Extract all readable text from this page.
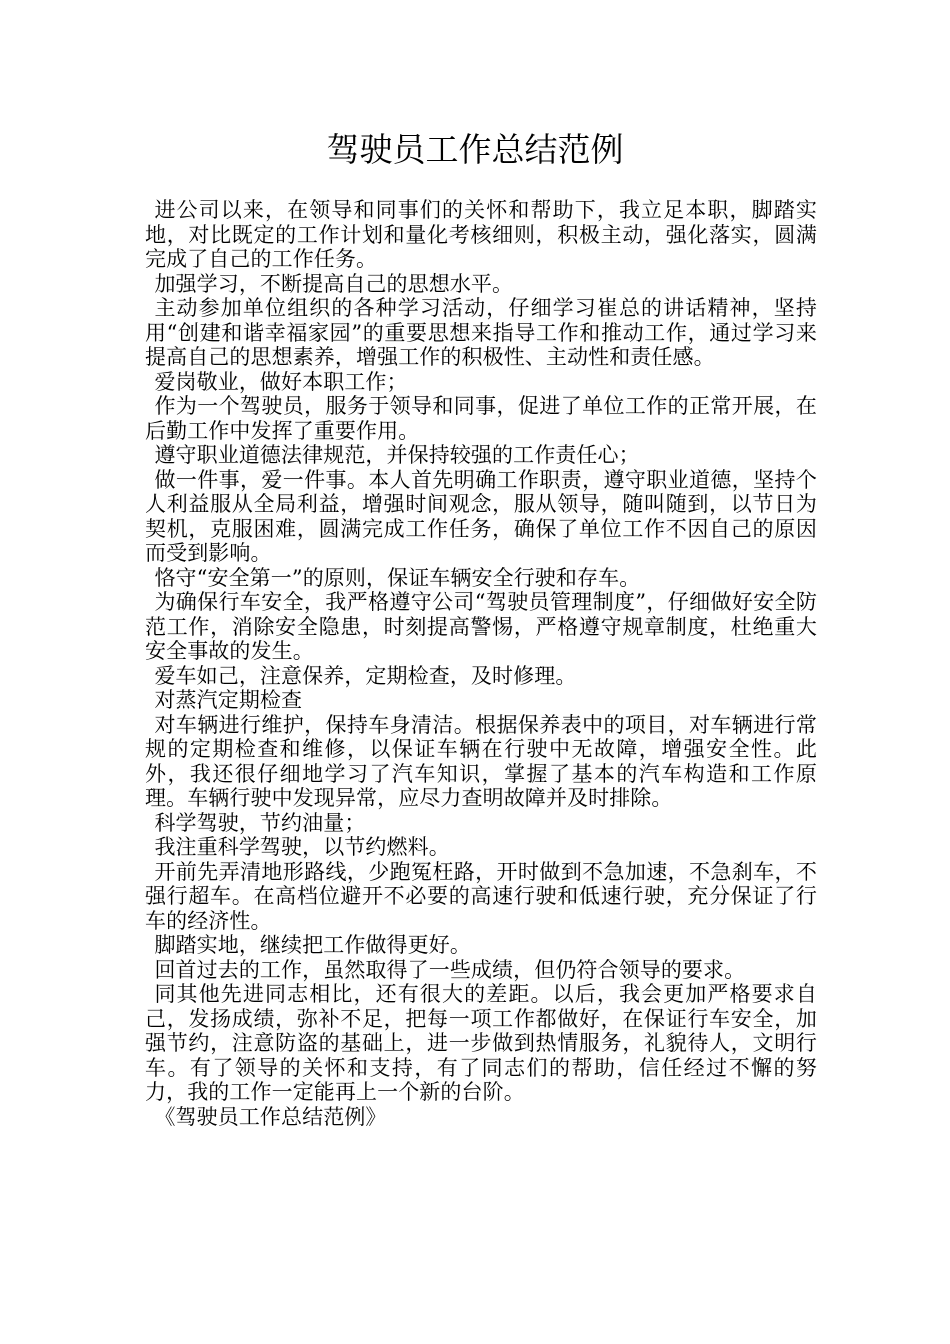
驾驶员工作总结范例

进公司以来，在领导和同事们的关怀和帮助下，我立足本职，脚踏实地，对比既定的工作计划和量化考核细则，积极主动，强化落实，圆满完成了自己的工作任务。

加强学习，不断提高自己的思想水平。

主动参加单位组织的各种学习活动，仔细学习崔总的讲话精神，坚持用“创建和谐幸福家园”的重要思想来指导工作和推动工作，通过学习来提高自己的思想素养，增强工作的积极性、主动性和责任感。

爱岗敬业，做好本职工作；

作为一个驾驶员，服务于领导和同事，促进了单位工作的正常开展，在后勤工作中发挥了重要作用。

遵守职业道德法律规范，并保持较强的工作责任心；

做一件事，爱一件事。本人首先明确工作职责，遵守职业道德，坚持个人利益服从全局利益，增强时间观念，服从领导，随叫随到，以节日为契机，克服困难，圆满完成工作任务，确保了单位工作不因自己的原因而受到影响。

恪守“安全第一”的原则，保证车辆安全行驶和存车。

为确保行车安全，我严格遵守公司“驾驶员管理制度”，仔细做好安全防范工作，消除安全隐患，时刻提高警惕，严格遵守规章制度，杜绝重大安全事故的发生。

爱车如己，注意保养，定期检查，及时修理。

对蒸汽定期检查

对车辆进行维护，保持车身清洁。根据保养表中的项目，对车辆进行常规的定期检查和维修，以保证车辆在行驶中无故障，增强安全性。此外，我还很仔细地学习了汽车知识，掌握了基本的汽车构造和工作原理。车辆行驶中发现异常，应尽力查明故障并及时排除。

科学驾驶，节约油量；

我注重科学驾驶，以节约燃料。

开前先弄清地形路线，少跑冤枉路，开时做到不急加速，不急刹车，不强行超车。在高档位避开不必要的高速行驶和低速行驶，充分保证了行车的经济性。

脚踏实地，继续把工作做得更好。

回首过去的工作，虽然取得了一些成绩，但仍符合领导的要求。

同其他先进同志相比，还有很大的差距。以后，我会更加严格要求自己，发扬成绩，弥补不足，把每一项工作都做好，在保证行车安全，加强节约，注意防盗的基础上，进一步做到热情服务，礼貌待人，文明行车。有了领导的关怀和支持，有了同志们的帮助，信任经过不懈的努力，我的工作一定能再上一个新的台阶。

《驾驶员工作总结范例》
